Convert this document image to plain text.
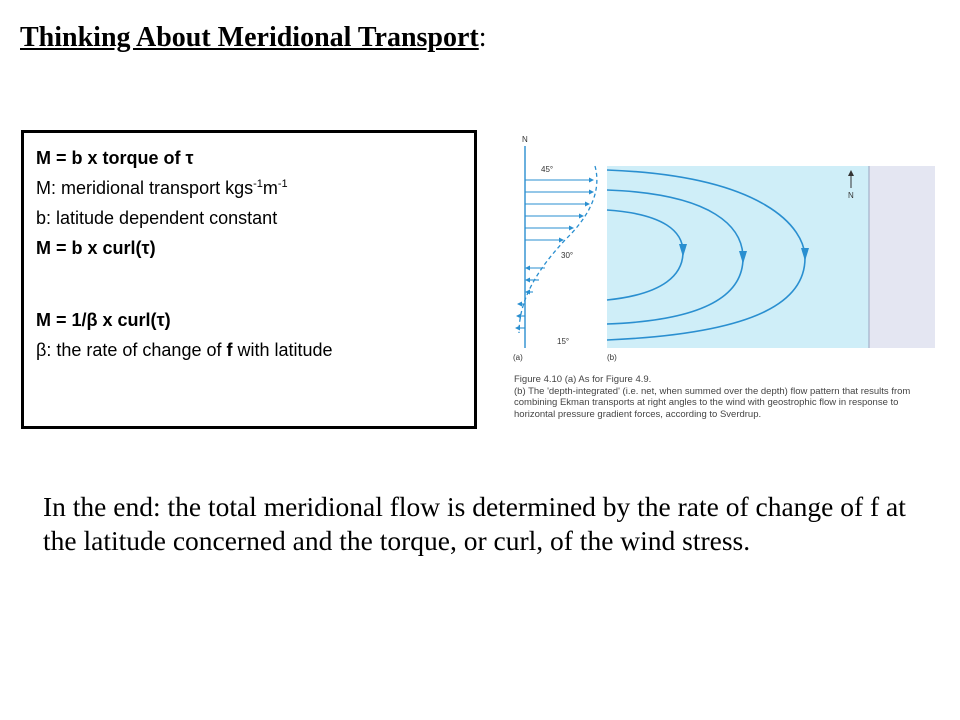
Thinking About Meridional Transport:
M = b x torque of τ
M: meridional transport $kgs^{-1}m^{-1}$
b: latitude dependent constant
M = b x curl(τ)
M = 1/β x curl(τ)
β: the rate of change of f with latitude
N
N
45°
30°
15°
(a)	(b)
Figure 4.10 (a) As for Figure 4.9.
(b) The 'depth-integrated' (i.e. net, when summed over the depth) flow pattern that results from combining Ekman transports at right angles to the wind with geostrophic flow in response to horizontal pressure gradient forces, according to Sverdrup.
In the end: the total meridional flow is determined by the rate of change of f at the latitude concerned and the torque, or curl, of the wind stress.
